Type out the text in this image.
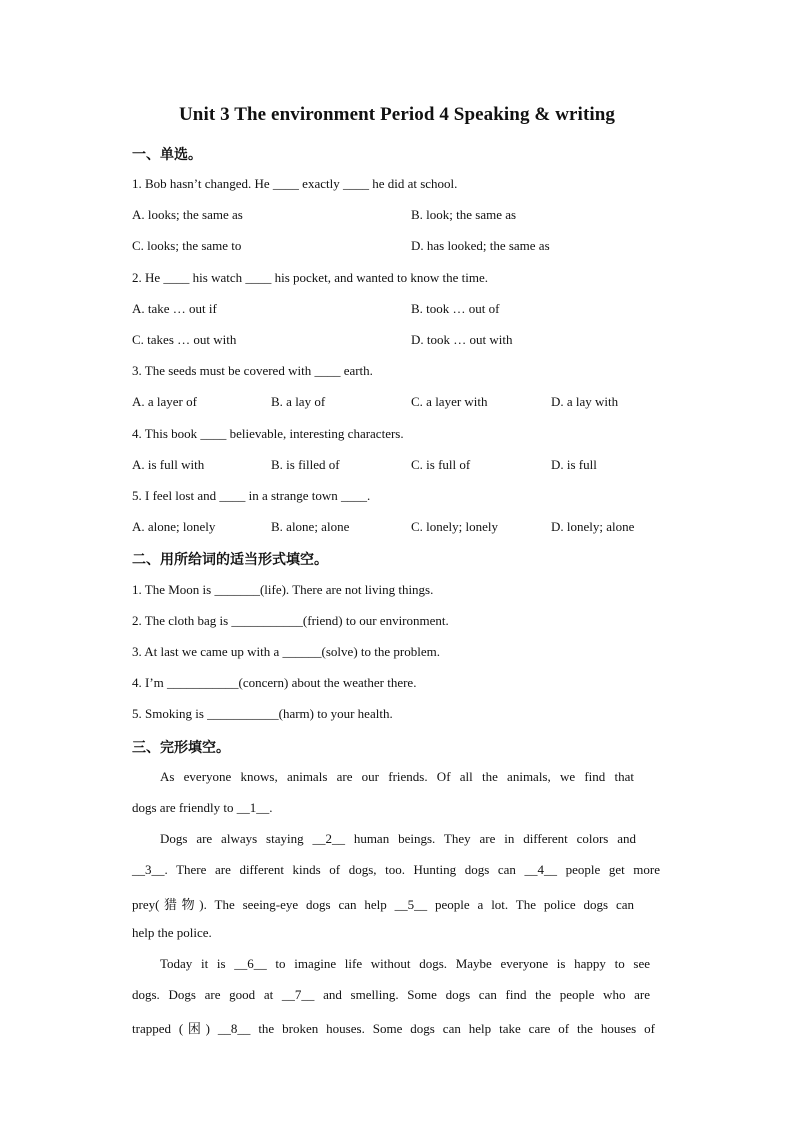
Unit 3 The environment Period 4 Speaking & writing
一、单选。
1. Bob hasn’t changed. He ____ exactly ____ he did at school.
A. looks; the same as	B. look; the same as
C. looks; the same to	D. has looked; the same as
2. He ____ his watch ____ his pocket, and wanted to know the time.
A. take … out if	B. took … out of
C. takes … out with	D. took … out with
3. The seeds must be covered with ____ earth.
A. a layer of	B. a lay of	C. a layer with	D. a lay with
4. This book ____ believable, interesting characters.
A. is full with	B. is filled of	C. is full of	D. is full
5. I feel lost and ____ in a strange town ____.
A. alone; lonely	B. alone; alone	C. lonely; lonely	D. lonely; alone
二、用所给词的适当形式填空。
1. The Moon is _______(life). There are not living things.
2. The cloth bag is ___________(friend) to our environment.
3. At last we came up with a ______(solve) to the problem.
4. I’m ___________(concern) about the weather there.
5. Smoking is ___________(harm) to your health.
三、完形填空。
As everyone knows, animals are our friends. Of all the animals, we find that
dogs are friendly to __1__.
Dogs are always staying __2__ human beings. They are in different colors and
__3__. There are different kinds of dogs, too. Hunting dogs can __4__ people get more
prey(猎物). The seeing-eye dogs can help __5__ people a lot. The police dogs can
help the police.
Today it is __6__ to imagine life without dogs. Maybe everyone is happy to see
dogs. Dogs are good at __7__ and smelling. Some dogs can find the people who are
trapped (困) __8__ the broken houses. Some dogs can help take care of the houses of
